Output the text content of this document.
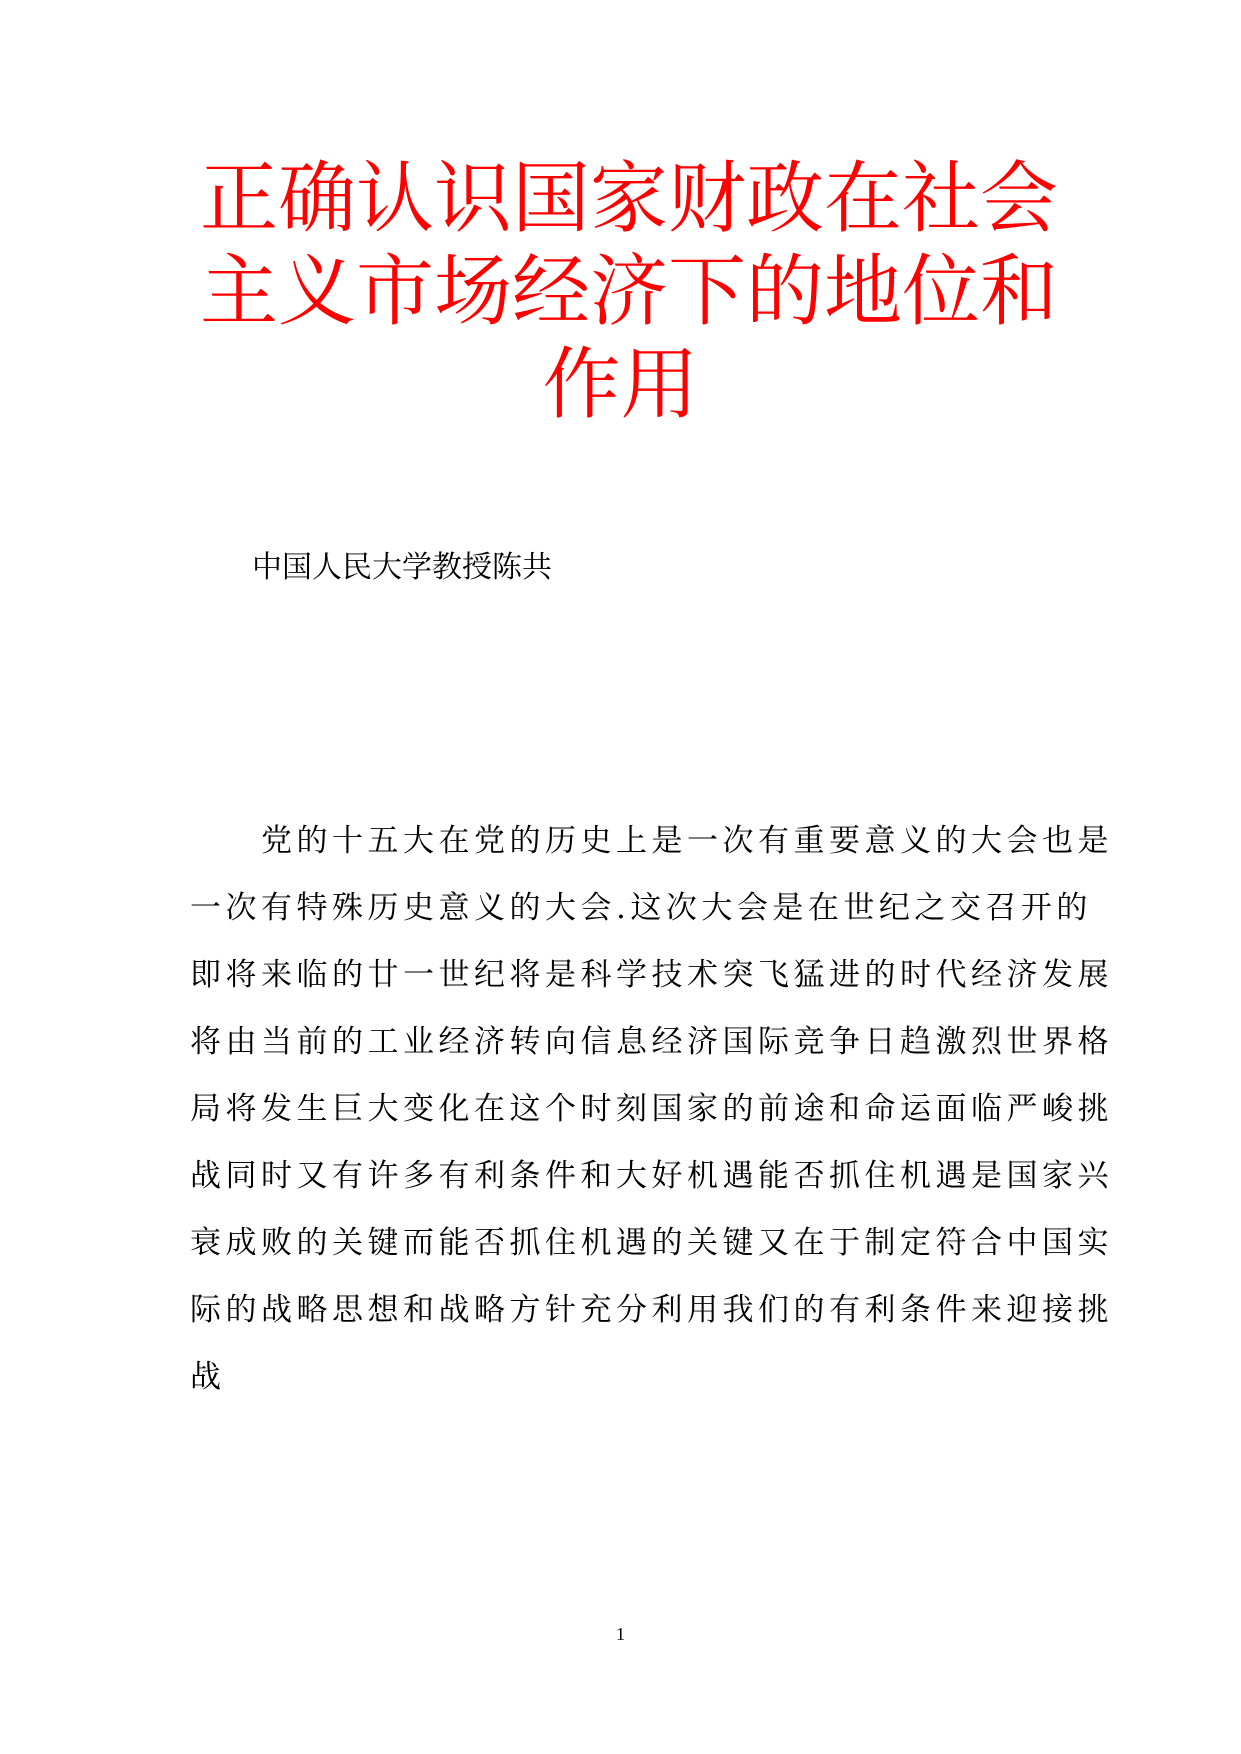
正确认识国家财政在社会
主义市场经济下的地位和
作用

中国人民大学教授陈共

　　党的十五大在党的历史上是一次有重要意义的大会也是
一次有特殊历史意义的大会.这次大会是在世纪之交召开的
即将来临的廿一世纪将是科学技术突飞猛进的时代经济发展
将由当前的工业经济转向信息经济国际竞争日趋激烈世界格
局将发生巨大变化在这个时刻国家的前途和命运面临严峻挑
战同时又有许多有利条件和大好机遇能否抓住机遇是国家兴
衰成败的关键而能否抓住机遇的关键又在于制定符合中国实
际的战略思想和战略方针充分利用我们的有利条件来迎接挑
战

1
